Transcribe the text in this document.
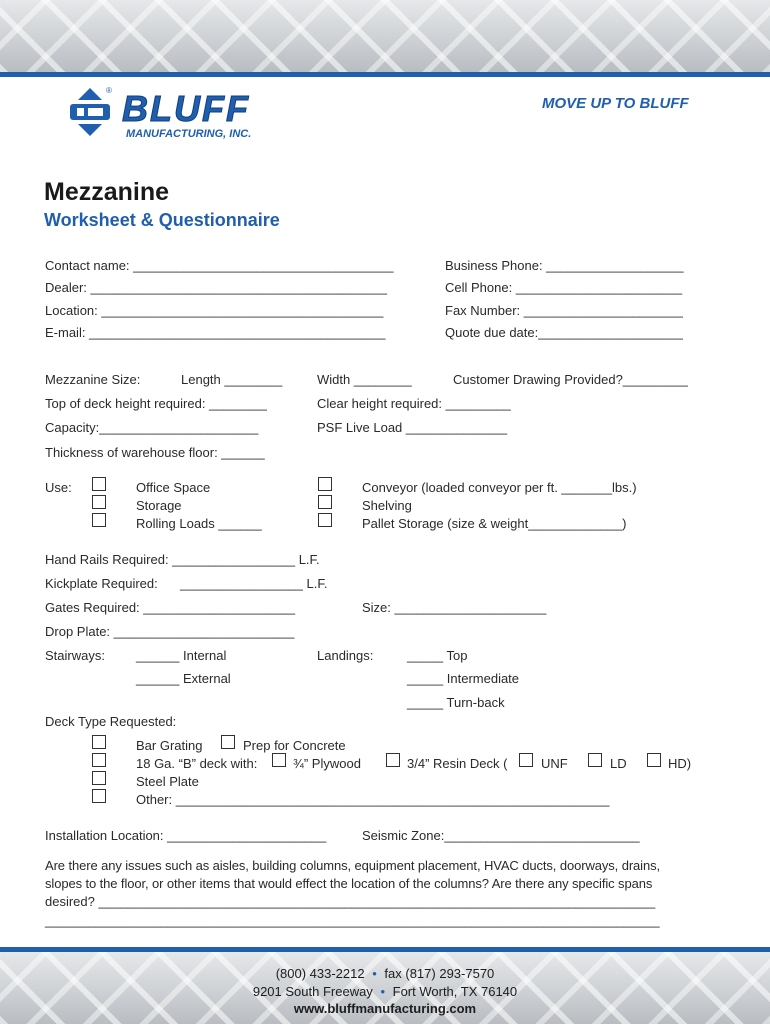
BLUFF
®
MANUFACTURING, INC.
MOVE UP TO BLUFF
Mezzanine
Worksheet & Questionnaire
Contact name: ____________________________________
Dealer: _________________________________________
Location: _______________________________________
E-mail: _________________________________________
Business Phone: ___________________
Cell Phone: _______________________
Fax Number: ______________________
Quote due date:____________________
Mezzanine Size:	Length ________	Width ________	Customer Drawing Provided?_________
Top of deck height required: ________	Clear height required: _________
Capacity:______________________	PSF Live Load ______________
Thickness of warehouse floor: ______
Use:	Office Space
Storage
Rolling Loads ______
Conveyor (loaded conveyor per ft. _______lbs.)
Shelving
Pallet Storage (size & weight_____________)
Hand Rails Required: _________________ L.F.
Kickplate Required: _________________ L.F.
Gates Required: _____________________	Size: _____________________
Drop Plate: _________________________
Stairways: ______ Internal
______ External
Landings:	_____ Top
_____ Intermediate
_____ Turn-back
Deck Type Requested:
Bar Grating	Prep for Concrete
18 Ga. “B” deck with:	¾” Plywood	3/4” Resin Deck (	UNF	LD	HD)
Steel Plate
Other: ____________________________________________________________
Installation Location: ______________________	Seismic Zone:___________________________
Are there any issues such as aisles, building columns, equipment placement, HVAC ducts, doorways, drains,
slopes to the floor, or other items that would effect the location of the columns? Are there any specific spans
desired? _____________________________________________________________________________
_____________________________________________________________________________________
(800) 433-2212 • fax (817) 293-7570
9201 South Freeway • Fort Worth, TX 76140
www.bluffmanufacturing.com
